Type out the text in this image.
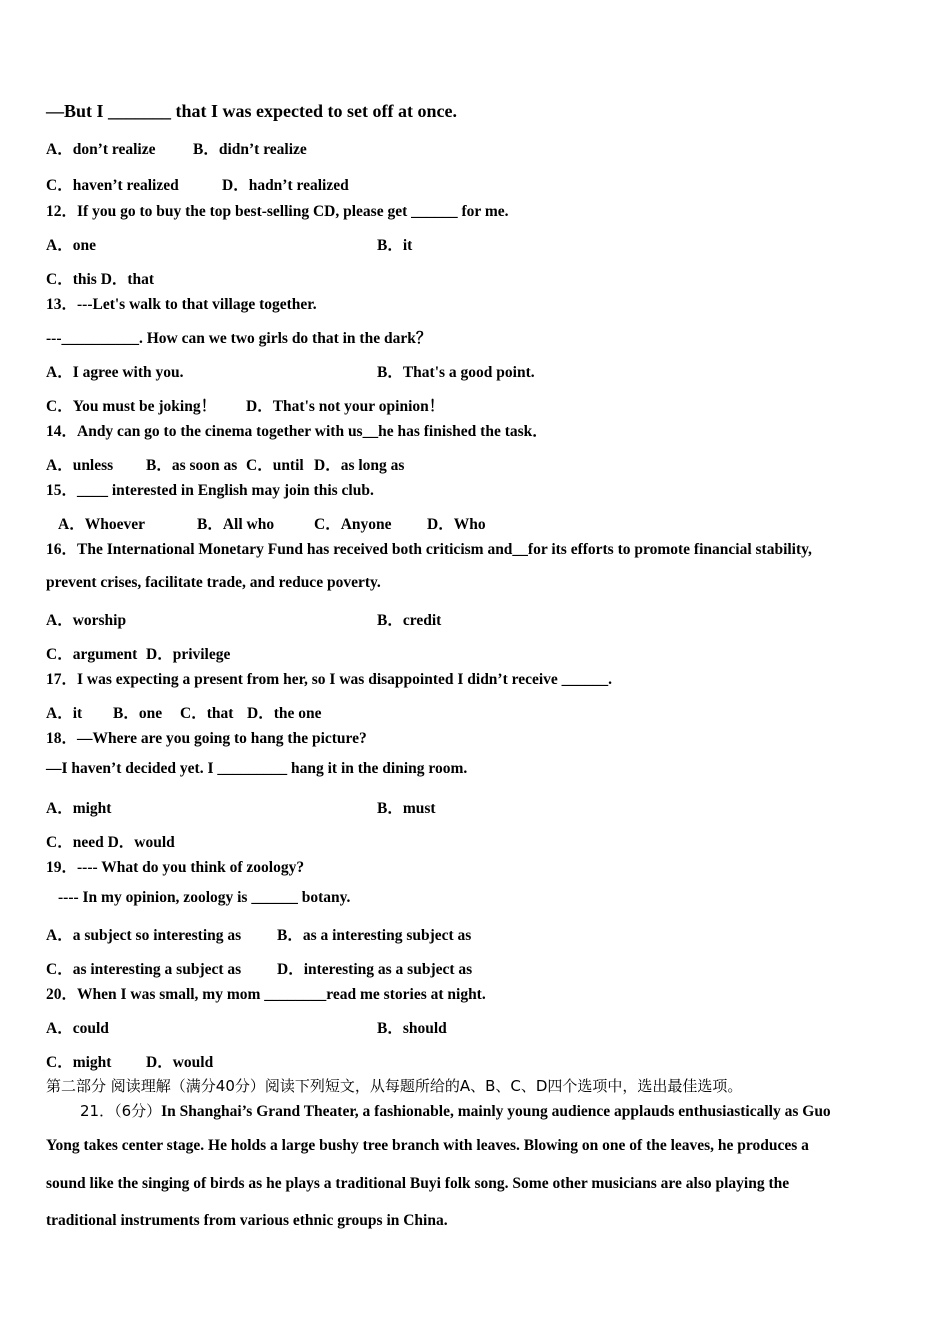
—But I _______ that I was expected to set off at once.
A．don’t realize B．didn’t realize
C．haven’t realized	D．hadn’t realized
12．If you go to buy the top best-selling CD, please get ______ for me.
A．one	B．it
C．this D．that
13．---Let's walk to that village together.
---__________. How can we two girls do that in the dark？
A．I agree with you.	B．That's a good point.
C．You must be joking！ D．That's not your opinion！
14．Andy can go to the cinema together with us__he has finished the task．
A．unless B．as soon as C．until D．as long as
15．____ interested in English may join this club.
A．Whoever	B．All who	C．Anyone D．Who
16．The International Monetary Fund has received both criticism and__for its efforts to promote financial stability,
prevent crises, facilitate trade, and reduce poverty.
A．worship	B．credit
C．argument D．privilege
17．I was expecting a present from her, so I was disappointed I didn’t receive ______.
A．it B．one C．that D．the one
18．—Where are you going to hang the picture?
—I haven’t decided yet. I _________ hang it in the dining room.
A．might	B．must
C．need D．would
19．---- What do you think of zoology?
---- In my opinion, zoology is ______ botany.
A．a subject so interesting as B．as a interesting subject as
C．as interesting a subject as D．interesting as a subject as
20．When I was small, my mom ________read me stories at night.
A．could	B．should
C．might D．would
第二部分 阅读理解（满分40分）阅读下列短文，从每题所给的A、B、C、D四个选项中，选出最佳选项。
21．（6分）In Shanghai’s Grand Theater, a fashionable, mainly young audience applauds enthusiastically as Guo
Yong takes center stage. He holds a large bushy tree branch with leaves. Blowing on one of the leaves, he produces a
sound like the singing of birds as he plays a traditional Buyi folk song. Some other musicians are also playing the
traditional instruments from various ethnic groups in China.
